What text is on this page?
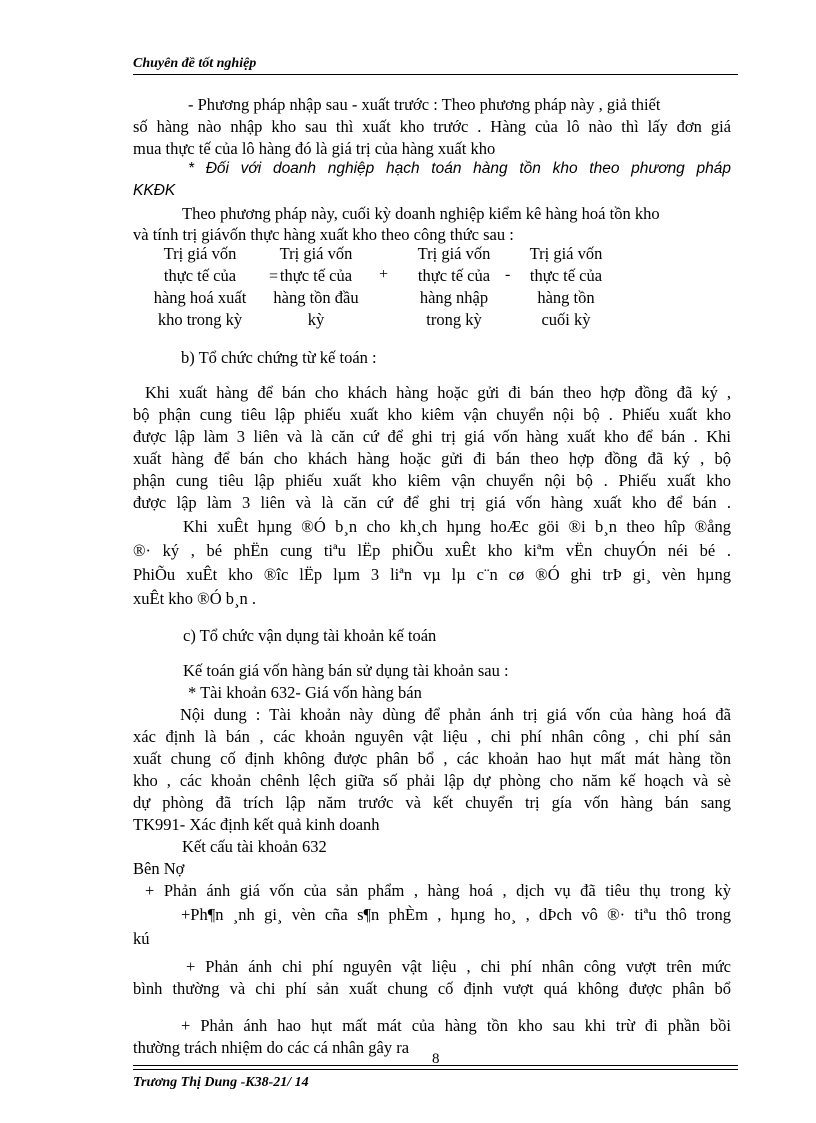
Chuyên đề tốt nghiệp
- Phương pháp nhập sau - xuất trước : Theo phương pháp này , giả thiết
số hàng nào nhập kho sau thì xuất kho trước . Hàng của lô nào thì lấy đơn giá
mua thực tế của lô hàng đó là giá trị của hàng xuất kho
* Đối với doanh nghiệp hạch toán hàng tồn kho theo phương pháp
KKĐK
Theo phương pháp này, cuối kỳ doanh nghiệp kiểm kê hàng hoá tồn kho
và tính trị giávốn thực hàng xuất kho theo công thức sau :
Trị giá vốn
thực tế của
hàng hoá xuất
kho trong kỳ
=
Trị giá vốn
thực tế của
hàng tồn đầu
kỳ
+
Trị giá vốn
thực tế của
hàng nhập
trong kỳ
-
Trị giá vốn
thực tế của
hàng tồn
cuối kỳ
b) Tổ chức chứng từ kế toán :
Khi xuất hàng để bán cho khách hàng hoặc gửi đi bán theo hợp đồng đã ký ,
bộ phận cung tiêu lập phiếu xuất kho kiêm vận chuyển nội bộ . Phiếu xuất kho
được lập làm 3 liên và là căn cứ để ghi trị giá vốn hàng xuất kho để bán . Khi
xuất hàng để bán cho khách hàng hoặc gửi đi bán theo hợp đồng đã ký , bộ
phận cung tiêu lập phiếu xuất kho kiêm vận chuyển nội bộ . Phiếu xuất kho
được lập làm 3 liên và là căn cứ để ghi trị giá vốn hàng xuất kho để bán .
Khi xuÊt hµng ®Ó b¸n cho kh¸ch hµng hoÆc göi ®i b¸n theo hîp ®ång
®· ký , bé phËn cung tiªu lËp phiÕu xuÊt kho kiªm vËn chuyÓn néi bé .
PhiÕu xuÊt kho ®îc lËp lµm 3 liªn vµ lµ c¨n cø ®Ó ghi trÞ gi¸ vèn hµng
xuÊt kho ®Ó b¸n .
c) Tổ chức vận dụng tài khoản kế toán
Kế toán giá vốn hàng bán sử dụng tài khoản sau :
* Tài khoản 632- Giá vốn hàng bán
Nội dung : Tài khoản này dùng để phản ánh trị giá vốn của hàng hoá đã
xác định là bán , các khoản nguyên vật liệu , chi phí nhân công , chi phí sản
xuất chung cố định không được phân bổ , các khoản hao hụt mất mát hàng tồn
kho , các khoản chênh lệch giữa số phải lập dự phòng cho năm kế hoạch và sè
dự phòng đã trích lập năm trước và kết chuyển trị gía vốn hàng bán sang
TK991- Xác định kết quả kinh doanh
Kết cấu tài khoản 632
Bên Nợ
+ Phản ánh giá vốn của sản phẩm , hàng hoá , dịch vụ đã tiêu thụ trong kỳ
+Ph¶n ¸nh gi¸ vèn cña s¶n phÈm , hµng ho¸ , dÞch vô ®· tiªu thô trong
kú
+ Phản ánh chi phí nguyên vật liệu , chi phí nhân công vượt trên mức
bình thường và chi phí sản xuất chung cố định vượt quá không được phân bổ
+ Phản ánh hao hụt mất mát của hàng tồn kho sau khi trừ đi phần bồi
thường trách nhiệm do các cá nhân gây ra
8
Trương Thị Dung -K38-21/ 14
